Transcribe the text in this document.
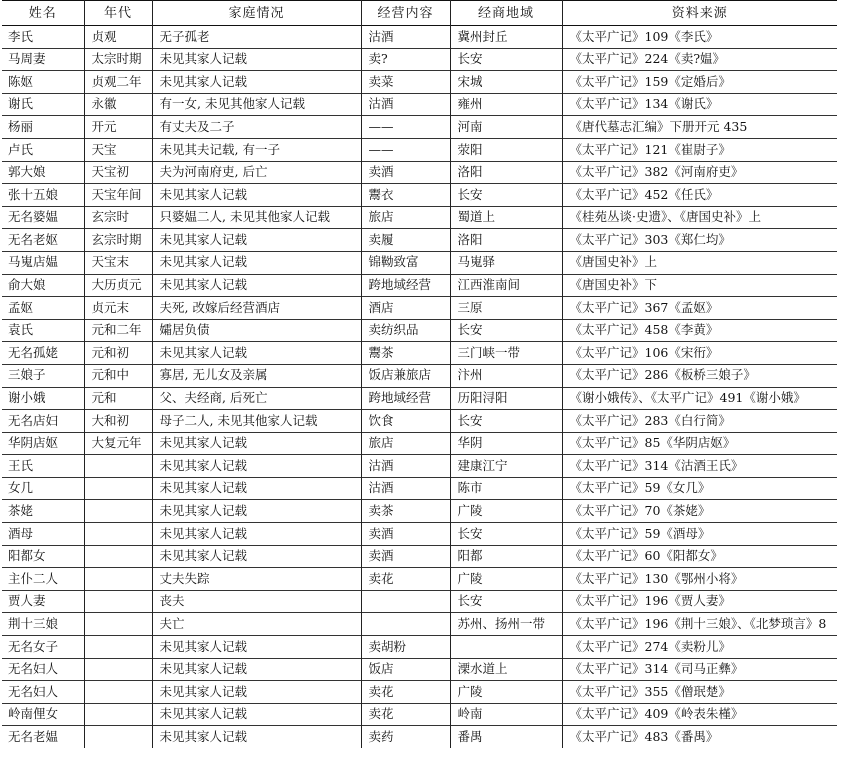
姓名	年代	家庭情况	经营内容	经商地域	资料来源
李氏	贞观	无子孤老	沽酒	冀州封丘	《太平广记》109《李氏》
马周妻	太宗时期	未见其家人记载	卖?	长安	《太平广记》224《卖?媪》
陈妪	贞观二年	未见其家人记载	卖菜	宋城	《太平广记》159《定婚后》
谢氏	永徽	有一女, 未见其他家人记载	沽酒	雍州	《太平广记》134《谢氏》
杨丽	开元	有丈夫及二子	——	河南	《唐代墓志汇编》下册开元 435
卢氏	天宝	未见其夫记载, 有一子	——	荥阳	《太平广记》121《崔尉子》
郭大娘	天宝初	夫为河南府吏, 后亡	卖酒	洛阳	《太平广记》382《河南府吏》
张十五娘	天宝年间	未见其家人记载	鬻衣	长安	《太平广记》452《任氏》
无名婆媪	玄宗时	只婆媪二人, 未见其他家人记载	旅店	蜀道上	《桂苑丛谈·史遗》、《唐国史补》上
无名老妪	玄宗时期	未见其家人记载	卖履	洛阳	《太平广记》303《郑仁均》
马嵬店媪	天宝末	未见其家人记载	锦靿致富	马嵬驿	《唐国史补》上
俞大娘	大历贞元	未见其家人记载	跨地域经营	江西淮南间	《唐国史补》下
孟妪	贞元末	夫死, 改嫁后经营酒店	酒店	三原	《太平广记》367《孟妪》
袁氏	元和二年	孀居负债	卖纺织品	长安	《太平广记》458《李黄》
无名孤姥	元和初	未见其家人记载	鬻茶	三门峡一带	《太平广记》106《宋衎》
三娘子	元和中	寡居, 无儿女及亲属	饭店兼旅店	汴州	《太平广记》286《板桥三娘子》
谢小娥	元和	父、夫经商, 后死亡	跨地域经营	历阳浔阳	《谢小娥传》、《太平广记》491《谢小娥》
无名店妇	大和初	母子二人, 未见其他家人记载	饮食	长安	《太平广记》283《白行简》
华阴店妪	大复元年	未见其家人记载	旅店	华阴	《太平广记》85《华阴店妪》
王氏		未见其家人记载	沽酒	建康江宁	《太平广记》314《沽酒王氏》
女几		未见其家人记载	沽酒	陈市	《太平广记》59《女几》
茶姥		未见其家人记载	卖茶	广陵	《太平广记》70《茶姥》
酒母		未见其家人记载	卖酒	长安	《太平广记》59《酒母》
阳都女		未见其家人记载	卖酒	阳都	《太平广记》60《阳都女》
主仆二人		丈夫失踪	卖花	广陵	《太平广记》130《鄂州小将》
贾人妻		丧夫		长安	《太平广记》196《贾人妻》
荆十三娘		夫亡		苏州、扬州一带	《太平广记》196《荆十三娘》、《北梦琐言》8
无名女子		未见其家人记载	卖胡粉		《太平广记》274《卖粉儿》
无名妇人		未见其家人记载	饭店	溧水道上	《太平广记》314《司马正彝》
无名妇人		未见其家人记载	卖花	广陵	《太平广记》355《僧珉楚》
岭南俚女		未见其家人记载	卖花	岭南	《太平广记》409《岭表朱槿》
无名老媪		未见其家人记载	卖药	番禺	《太平广记》483《番禺》
